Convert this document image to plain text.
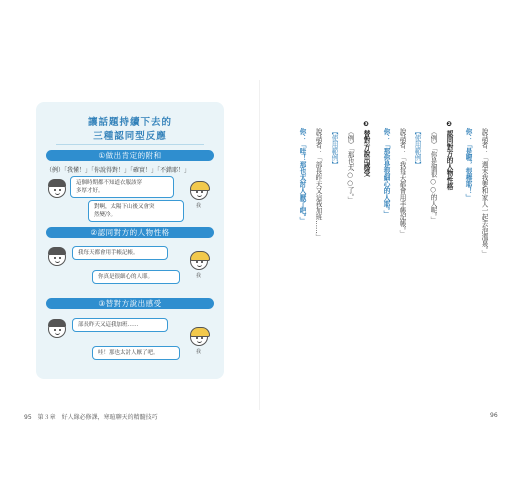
讓話題持續下去的
三種認同型反應
①做出肯定的附和
（例）「我懂！」「你說得對！」「確實！」「不錯耶！」
這個時期都不知道衣服該穿
多厚才好。
對啊，太陽下山後又會突
然變冷。
我
②認同對方的人物性格
我每天都會用手帳記帳。
你真是很細心的人耶。	我
③替對方說出感受
部長昨天又這我加班……
哇！那也太討人厭了吧。	我
95　第３章　好人緣必修課，寒暄聊天的精髓技巧
說話者：「週末我要和家人一起去泡溫泉。」
你：「是喔，很棒耶！」
❷ 認同對方的人物性格
（例）「你是個很○○的人呢。」
【使用範例】
說話者：「我每天都會用手帳記帳。」
你：「那你是很細心的人耶。」
❸ 替對方說出感受
（例）「那也太○○了。」
【使用範例】
說話者：「部長昨天又這我加班……」
你：「哇！那也太討人厭了吧。」
96
